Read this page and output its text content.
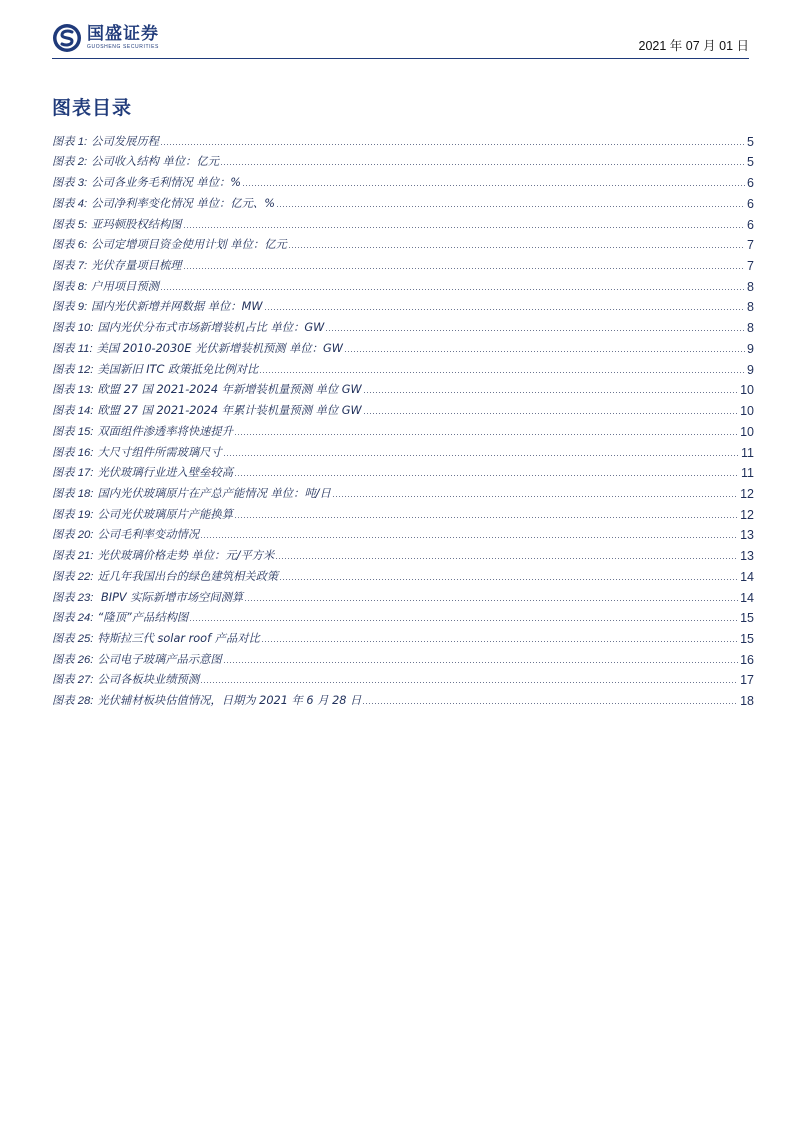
国盛证券
GUOSHENG SECURITIES	2021 年 07 月 01 日
图表目录
图表 1: 公司发展历程	5
图表 2: 公司收入结构 单位：亿元	5
图表 3: 公司各业务毛利情况 单位：%	6
图表 4: 公司净利率变化情况 单位：亿元、%	6
图表 5: 亚玛顿股权结构图	6
图表 6: 公司定增项目资金使用计划 单位：亿元	7
图表 7: 光伏存量项目梳理	7
图表 8: 户用项目预测	8
图表 9: 国内光伏新增并网数据 单位：MW	8
图表 10: 国内光伏分布式市场新增装机占比 单位：GW	8
图表 11: 美国 2010-2030E 光伏新增装机预测 单位：GW	9
图表 12: 美国新旧 ITC 政策抵免比例对比	9
图表 13: 欧盟 27 国 2021-2024 年新增装机量预测 单位 GW	10
图表 14: 欧盟 27 国 2021-2024 年累计装机量预测 单位 GW	10
图表 15: 双面组件渗透率将快速提升	10
图表 16: 大尺寸组件所需玻璃尺寸	11
图表 17: 光伏玻璃行业进入壁垒较高	11
图表 18: 国内光伏玻璃原片在产总产能情况 单位：吨/日	12
图表 19: 公司光伏玻璃原片产能换算	12
图表 20: 公司毛利率变动情况	13
图表 21: 光伏玻璃价格走势 单位：元/平方米	13
图表 22: 近几年我国出台的绿色建筑相关政策	14
图表 23: BIPV 实际新增市场空间测算	14
图表 24: “隆顶”产品结构图	15
图表 25: 特斯拉三代 solar roof 产品对比	15
图表 26: 公司电子玻璃产品示意图	16
图表 27: 公司各板块业绩预测	17
图表 28: 光伏辅材板块估值情况，日期为 2021 年 6 月 28 日	18
